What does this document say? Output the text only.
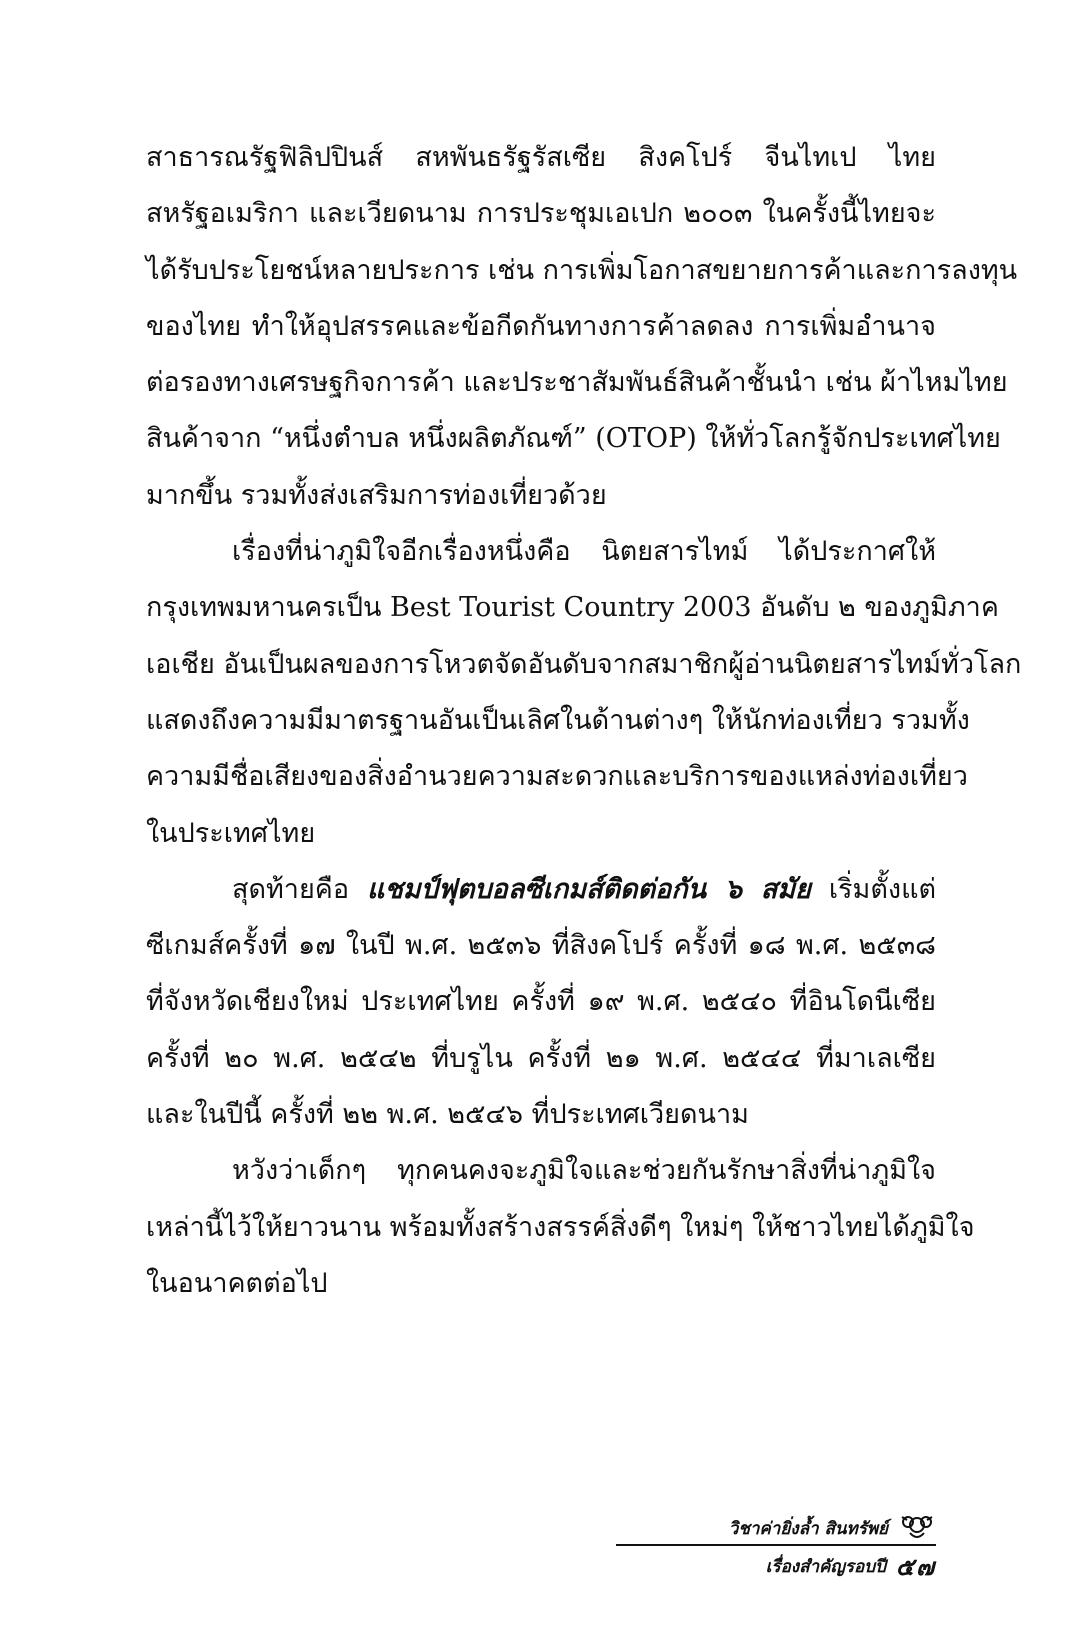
สาธารณรัฐฟิลิปปินส์ สหพันธรัฐรัสเซีย สิงคโปร์ จีนไทเป ไทย
สหรัฐอเมริกา และเวียดนาม การประชุมเอเปก ๒๐๐๓ ในครั้งนี้ไทยจะ
ได้รับประโยชน์หลายประการ เช่น การเพิ่มโอกาสขยายการค้าและการลงทุน
ของไทย ทำให้อุปสรรคและข้อกีดกันทางการค้าลดลง การเพิ่มอำนาจ
ต่อรองทางเศรษฐกิจการค้า และประชาสัมพันธ์สินค้าชั้นนำ เช่น ผ้าไหมไทย
สินค้าจาก “หนึ่งตำบล หนึ่งผลิตภัณฑ์” (OTOP) ให้ทั่วโลกรู้จักประเทศไทย
มากขึ้น รวมทั้งส่งเสริมการท่องเที่ยวด้วย
เรื่องที่น่าภูมิใจอีกเรื่องหนึ่งคือ นิตยสารไทม์ ได้ประกาศให้
กรุงเทพมหานครเป็น Best Tourist Country 2003 อันดับ ๒ ของภูมิภาค
เอเชีย อันเป็นผลของการโหวตจัดอันดับจากสมาชิกผู้อ่านนิตยสารไทม์ทั่วโลก
แสดงถึงความมีมาตรฐานอันเป็นเลิศในด้านต่างๆ ให้นักท่องเที่ยว รวมทั้ง
ความมีชื่อเสียงของสิ่งอำนวยความสะดวกและบริการของแหล่งท่องเที่ยว
ในประเทศไทย
สุดท้ายคือ แชมป์ฟุตบอลซีเกมส์ติดต่อกัน ๖ สมัย เริ่มตั้งแต่
ซีเกมส์ครั้งที่ ๑๗ ในปี พ.ศ. ๒๕๓๖ ที่สิงคโปร์ ครั้งที่ ๑๘ พ.ศ. ๒๕๓๘
ที่จังหวัดเชียงใหม่ ประเทศไทย ครั้งที่ ๑๙ พ.ศ. ๒๕๔๐ ที่อินโดนีเซีย
ครั้งที่ ๒๐ พ.ศ. ๒๕๔๒ ที่บรูไน ครั้งที่ ๒๑ พ.ศ. ๒๕๔๔ ที่มาเลเซีย
และในปีนี้ ครั้งที่ ๒๒ พ.ศ. ๒๕๔๖ ที่ประเทศเวียดนาม
หวังว่าเด็กๆ ทุกคนคงจะภูมิใจและช่วยกันรักษาสิ่งที่น่าภูมิใจ
เหล่านี้ไว้ให้ยาวนาน พร้อมทั้งสร้างสรรค์สิ่งดีๆ ใหม่ๆ ให้ชาวไทยได้ภูมิใจ
ในอนาคตต่อไป
วิชาค่ายิ่งล้ำ สินทรัพย์
เรื่องสำคัญรอบปี ๕๗
